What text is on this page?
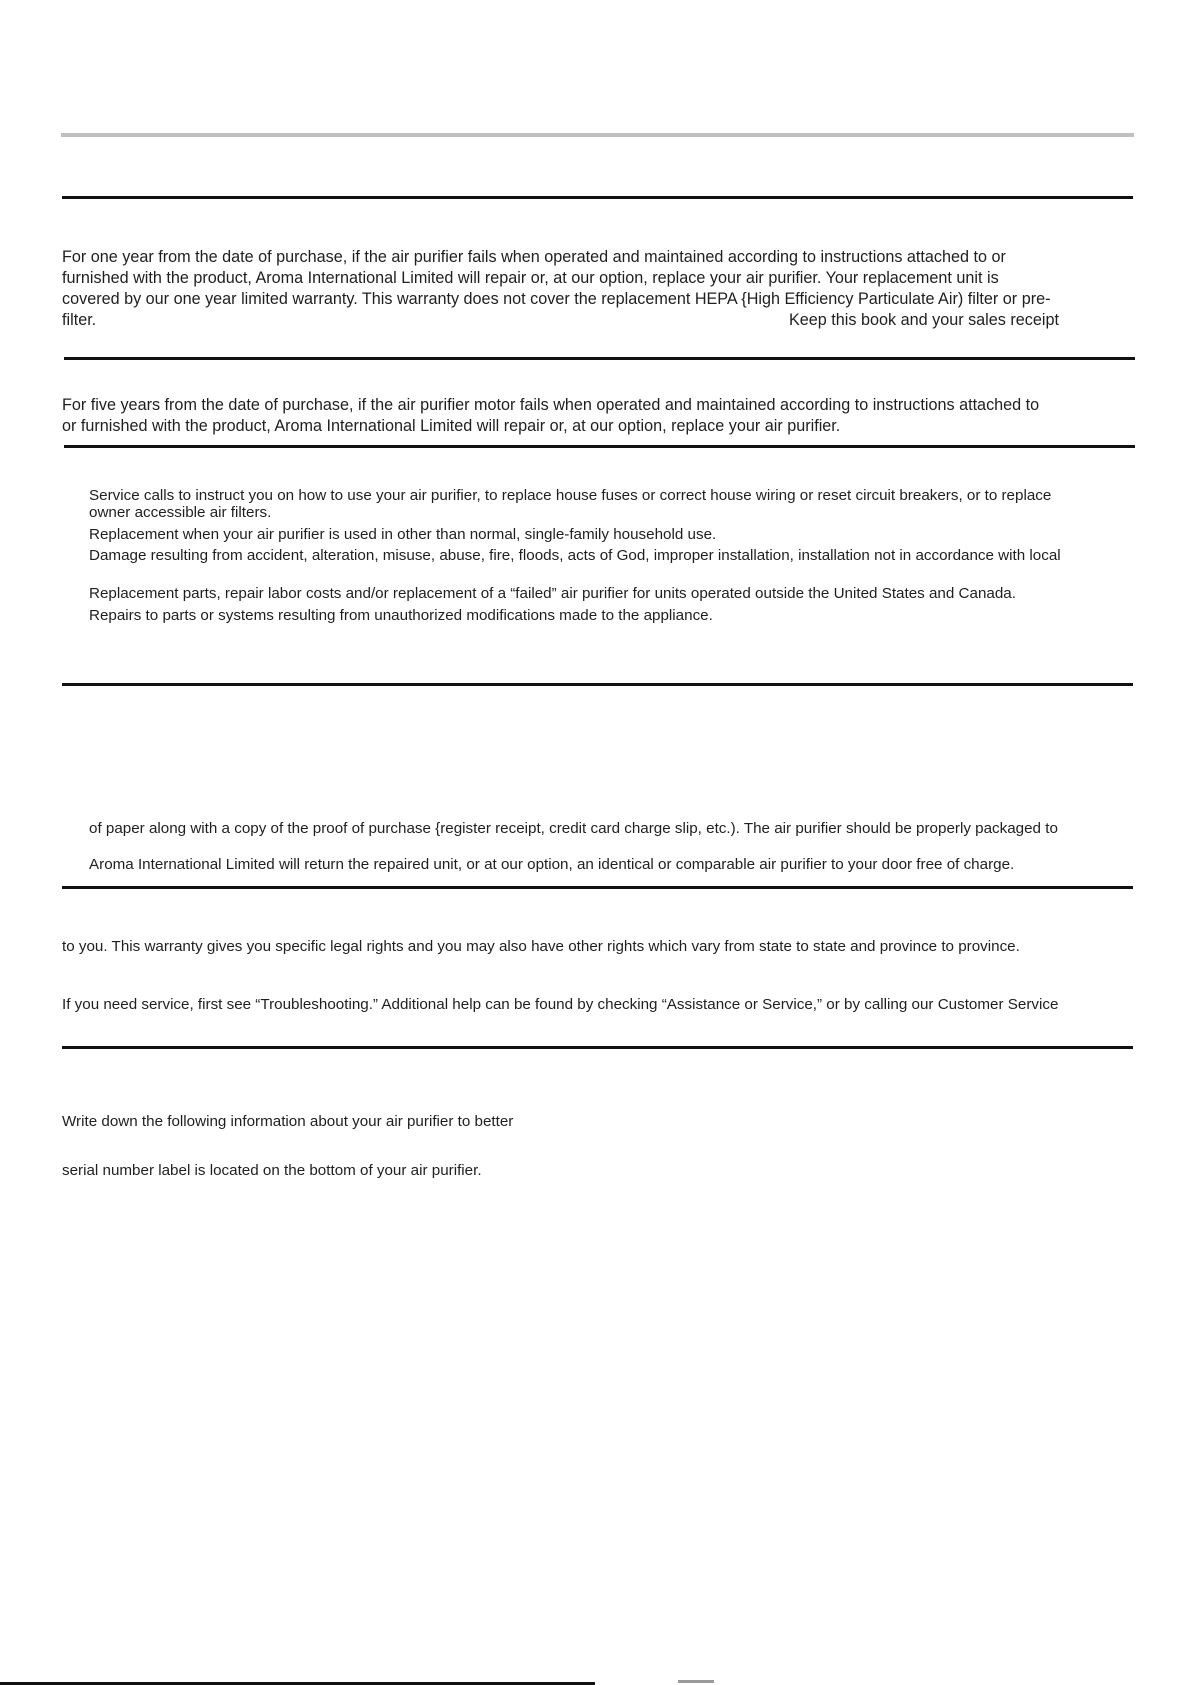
For one year from the date of purchase, if the air purifier fails when operated and maintained according to instructions attached to or

furnished with the product, Aroma International Limited will repair or, at our option, replace your air purifier. Your replacement unit is

covered by our one year limited warranty. This warranty does not cover the replacement HEPA {High Efficiency Particulate Air) filter or pre-

filter.	Keep this book and your sales receipt

For five years from the date of purchase, if the air purifier motor fails when operated and maintained according to instructions attached to

or furnished with the product, Aroma International Limited will repair or, at our option, replace your air purifier.

Service calls to instruct you on how to use your air purifier, to replace house fuses or correct house wiring or reset circuit breakers, or to replace

owner accessible air filters.

Replacement when your air purifier is used in other than normal, single-family household use.

Damage resulting from accident, alteration, misuse, abuse, fire, floods, acts of God, improper installation, installation not in accordance with local

Replacement parts, repair labor costs and/or replacement of a “failed” air purifier for units operated outside the United States and Canada.

Repairs to parts or systems resulting from unauthorized modifications made to the appliance.

of paper along with a copy of the proof of purchase {register receipt, credit card charge slip, etc.). The air purifier should be properly packaged to

Aroma International Limited will return the repaired unit, or at our option, an identical or comparable air purifier to your door free of charge.

to you. This warranty gives you specific legal rights and you may also have other rights which vary from state to state and province to province.

If you need service, first see “Troubleshooting.” Additional help can be found by checking “Assistance or Service,” or by calling our Customer Service

Write down the following information about your air purifier to better

serial number label is located on the bottom of your air purifier.
